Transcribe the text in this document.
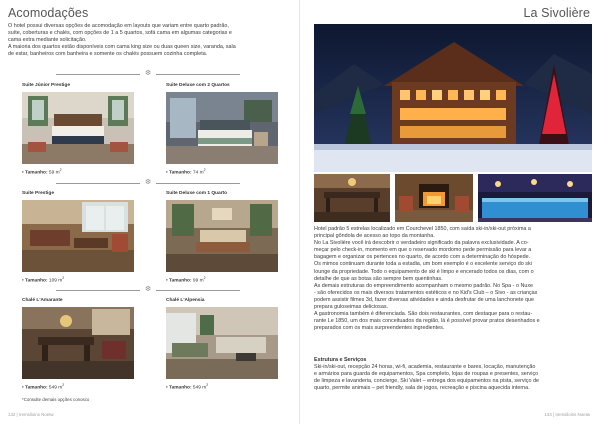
Acomodações
O hotel possui diversas opções de acomodação em layouts que variam entre quarto padrão,
suíte, coberturas e chalés, com opções de 1 a 5 quartos, sofá cama em algumas categorias e
cama extra mediante solicitação.
A maioria dos quartos estão disponíveis com cama king size ou duas queen size, varanda, sala
de estar, banheiros com banheira e somente os chalés possuem cozinha completa.
❆
Suite Júnior Prestige
• Tamanho: 59 $m^2$
Suite Deluxe com 2 Quartos
• Tamanho: 74 $m^2$
❆
Suite Prestige
• Tamanho: 109 $m^2$
Suite Deluxe com 1 Quarto
• Tamanho: 99 $m^2$
❆
Chalé L'Amarante
• Tamanho: 549 $m^2$
Chalé L'Alpensia
• Tamanho: 549 $m^2$
*Consulte demais opções conosco
132 | Iremsiloins Noetw
La Sivolière
Hotel padrão 5 estrelas localizado em Courchevel 1850, com saída ski-in/ski-out próxima a
principal gôndola de acesso ao topo da montanha.
No La Sivolière você irá descobrir o verdadeiro significado da palavra exclusividade. A co-
meçar pelo check-in, momento em que o reservado mordomo pede permissão para levar a
bagagem e organizar os pertences no quarto, de acordo com a determinação do hóspede.
Os mimos continuam durante toda a estadia, um bom exemplo é o excelente serviço do ski
lounge da propriedade. Todo o equipamento de ski é limpo e encerado todos os dias, com o
detalhe de que as botas são sempre bem quentinhas.
As demais estruturas do empreendimento acompanham o mesmo padrão. No Spa - o Nuxe
- são oferecidos os mais diversos tratamentos estéticos e no Kid's Club – o Sivo - as crianças
podem assistir filmes 3d, fazer diversas atividades e ainda desfrutar de uma lanchonete que
prepara guloseimas deliciosas.
A gastronomia também é diferenciada. São dois restaurantes, com destaque para o restau-
rante Le 1850, um dos mais conceituados da região, lá é possível provar pratos desenhados e
preparados com os mais surpreendentes ingredientes.
Estrutura e Serviços
Ski-in/ski-out, recepção 24 horas, wi-fi, academia, restaurante e bares, locação, manutenção
e armários para guarda de equipamentos, Spa completo, lojas de roupas e presentes, serviço
de limpeza e lavanderia, concierge, Ski Valet – entrega dos equipamentos na pista, serviço de
quarto, permite animais – pet friendly, sala de jogos, recreação e piscina aquecida interna.
133 | Iremsiloins Noetw
